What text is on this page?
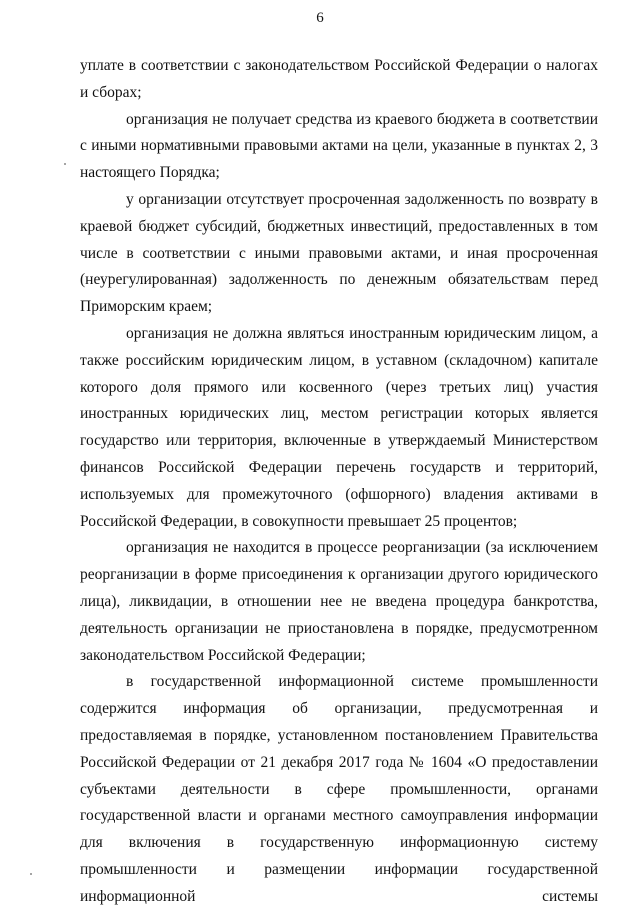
6

уплате в соответствии с законодательством Российской Федерации о налогах и сборах;

организация не получает средства из краевого бюджета в соответствии с иными нормативными правовыми актами на цели, указанные в пунктах 2, 3 настоящего Порядка;

у организации отсутствует просроченная задолженность по возврату в краевой бюджет субсидий, бюджетных инвестиций, предоставленных в том числе в соответствии с иными правовыми актами, и иная просроченная (неурегулированная) задолженность по денежным обязательствам перед Приморским краем;

организация не должна являться иностранным юридическим лицом, а также российским юридическим лицом, в уставном (складочном) капитале которого доля прямого или косвенного (через третьих лиц) участия иностранных юридических лиц, местом регистрации которых является государство или территория, включенные в утверждаемый Министерством финансов Российской Федерации перечень государств и территорий, используемых для промежуточного (офшорного) владения активами в Российской Федерации, в совокупности превышает 25 процентов;

организация не находится в процессе реорганизации (за исключением реорганизации в форме присоединения к организации другого юридического лица), ликвидации, в отношении нее не введена процедура банкротства, деятельность организации не приостановлена в порядке, предусмотренном законодательством Российской Федерации;

в государственной информационной системе промышленности содержится информация об организации, предусмотренная и предоставляемая в порядке, установленном постановлением Правительства Российской Федерации от 21 декабря 2017 года № 1604 «О предоставлении субъектами деятельности в сфере промышленности, органами государственной власти и органами местного самоуправления информации для включения в государственную информационную систему промышленности и размещении информации государственной информационной системы
